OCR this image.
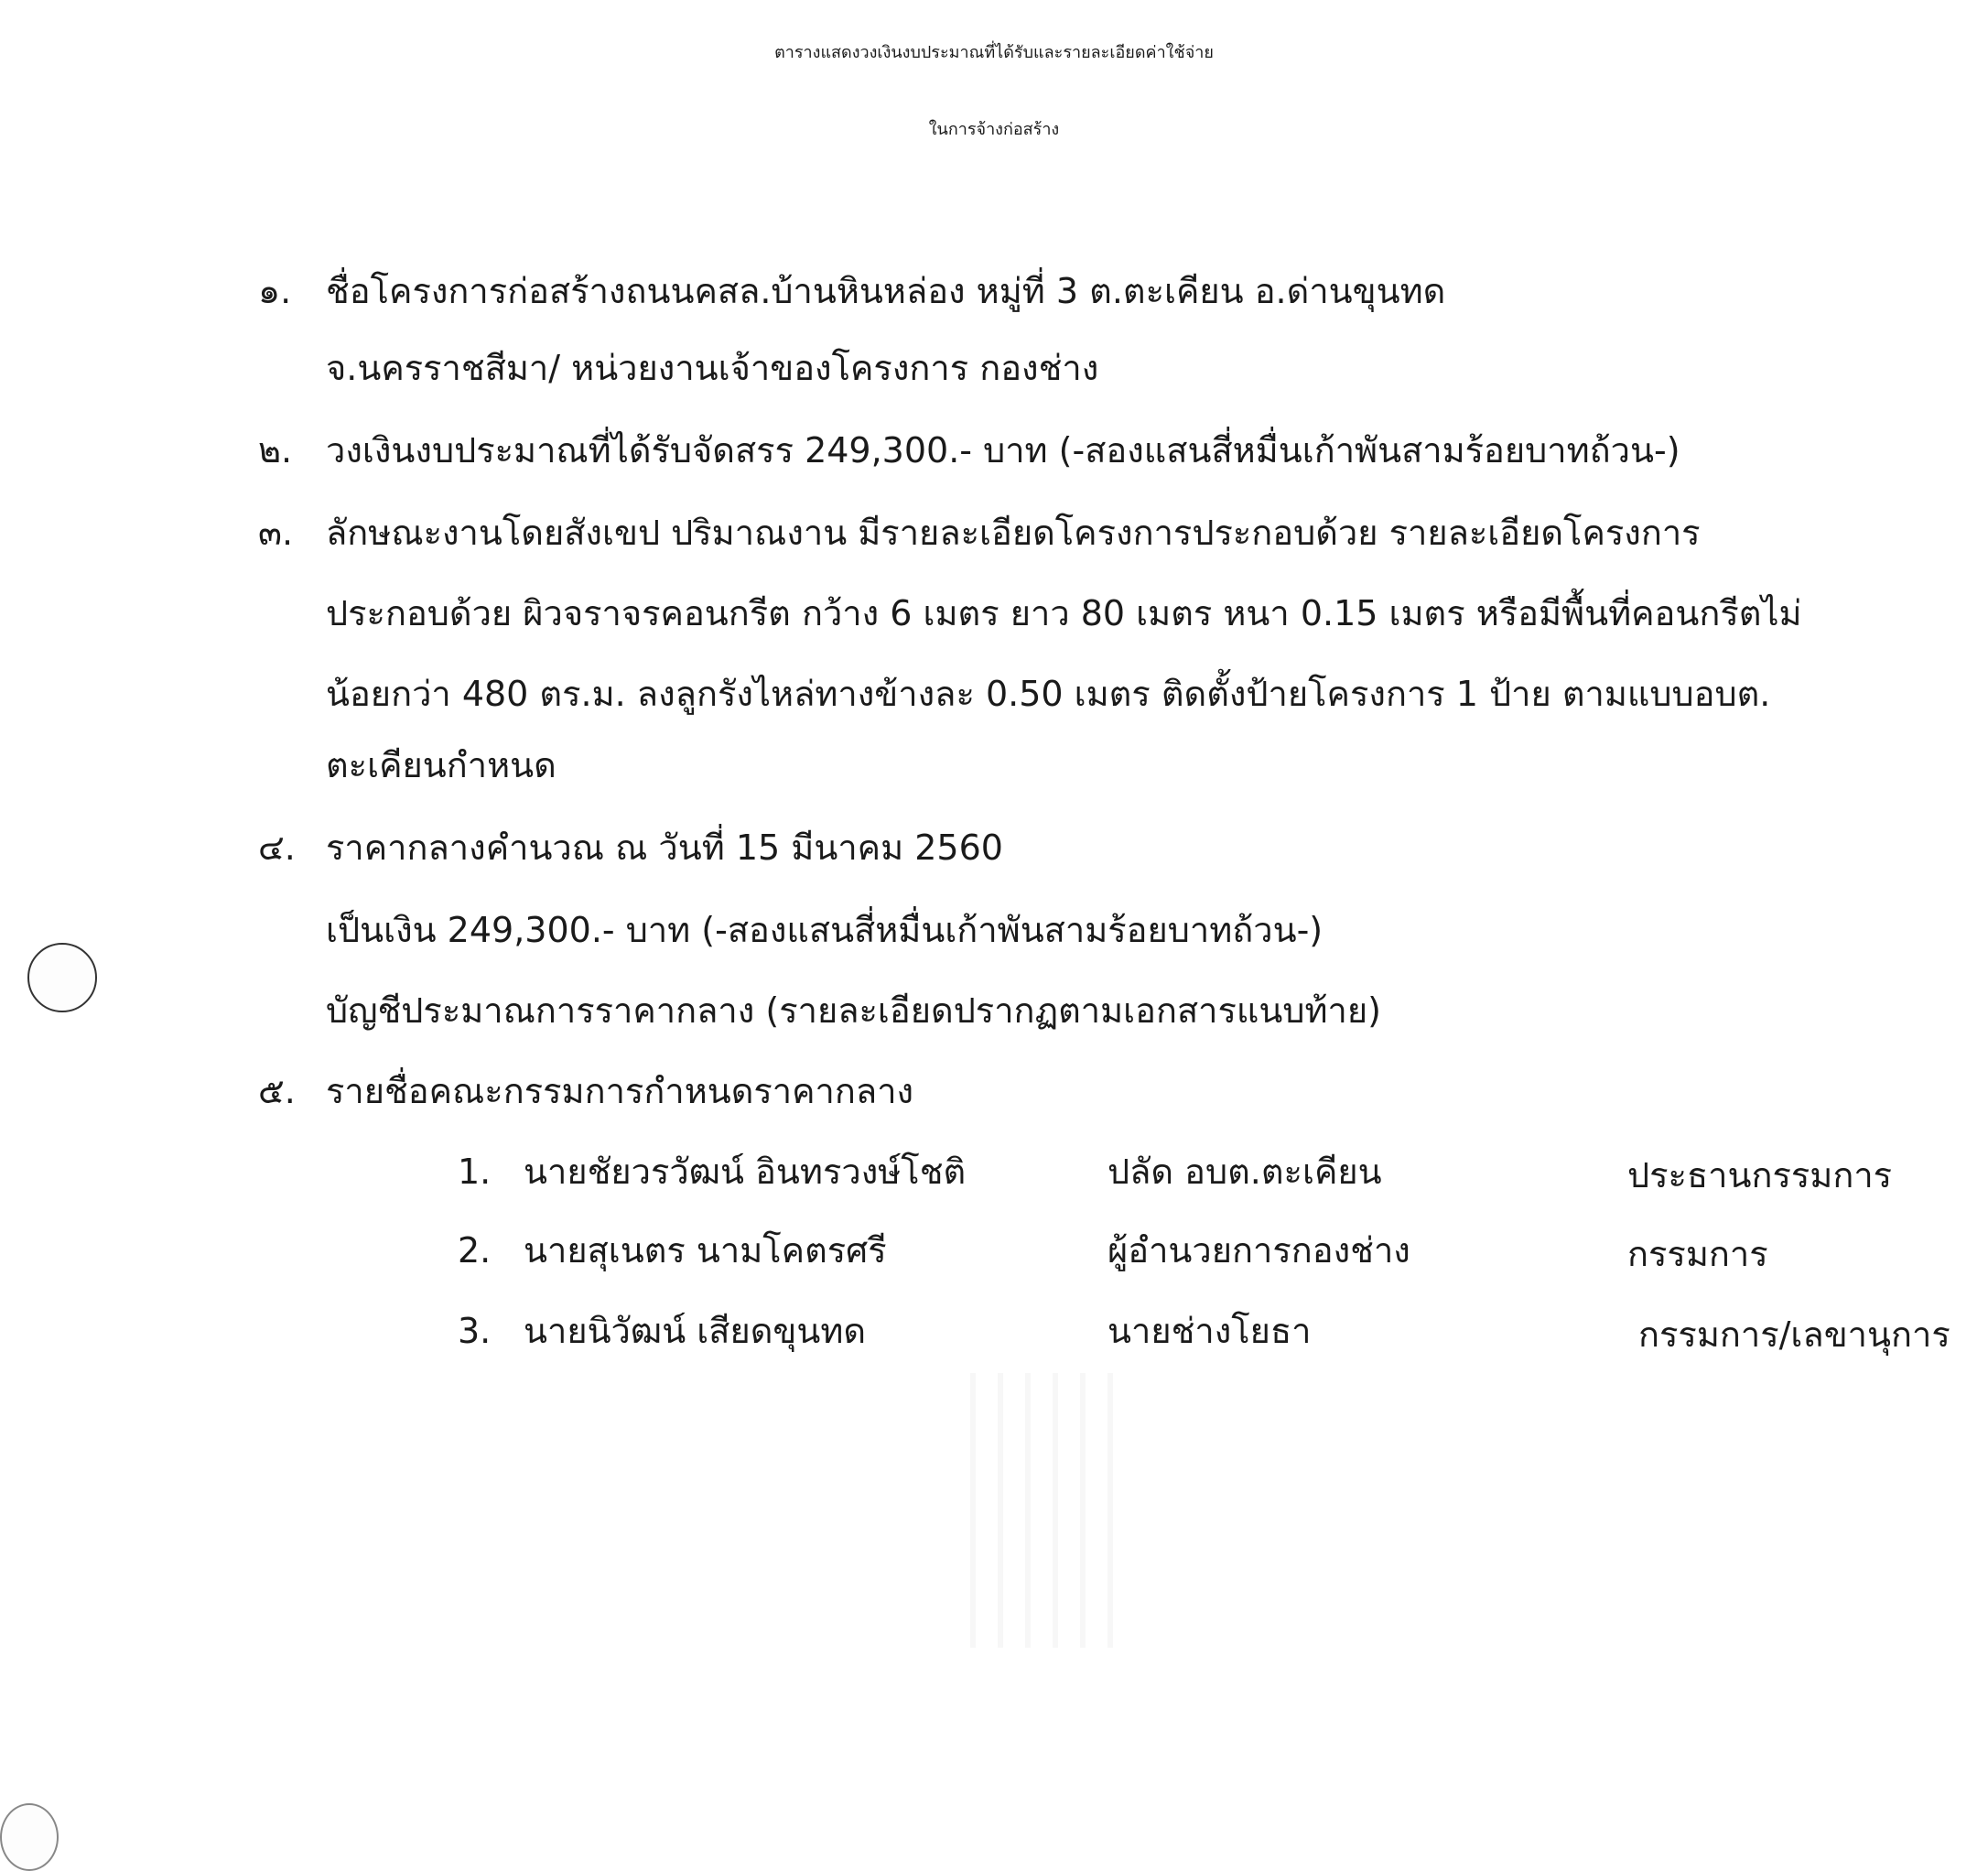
ตารางแสดงวงเงินงบประมาณที่ได้รับและรายละเอียดค่าใช้จ่าย
ในการจ้างก่อสร้าง
๑. ชื่อโครงการก่อสร้างถนนคสล.บ้านหินหล่อง หมู่ที่ 3 ต.ตะเคียน อ.ด่านขุนทด
จ.นครราชสีมา/ หน่วยงานเจ้าของโครงการ กองช่าง
๒. วงเงินงบประมาณที่ได้รับจัดสรร 249,300.- บาท (-สองแสนสี่หมื่นเก้าพันสามร้อยบาทถ้วน-)
๓. ลักษณะงานโดยสังเขป ปริมาณงาน มีรายละเอียดโครงการประกอบด้วย รายละเอียดโครงการ
ประกอบด้วย ผิวจราจรคอนกรีต กว้าง 6 เมตร ยาว 80 เมตร หนา 0.15 เมตร หรือมีพื้นที่คอนกรีตไม่
น้อยกว่า 480 ตร.ม. ลงลูกรังไหล่ทางข้างละ 0.50 เมตร ติดตั้งป้ายโครงการ 1 ป้าย ตามแบบอบต.
ตะเคียนกำหนด
๔. ราคากลางคำนวณ ณ วันที่ 15 มีนาคม 2560
เป็นเงิน 249,300.- บาท (-สองแสนสี่หมื่นเก้าพันสามร้อยบาทถ้วน-)
บัญชีประมาณการราคากลาง (รายละเอียดปรากฏตามเอกสารแนบท้าย)
๕. รายชื่อคณะกรรมการกำหนดราคากลาง
1. นายชัยวรวัฒน์ อินทรวงษ์โชติ	ปลัด อบต.ตะเคียน	ประธานกรรมการ
2. นายสุเนตร นามโคตรศรี	ผู้อำนวยการกองช่าง	กรรมการ
3. นายนิวัฒน์ เสียดขุนทด	นายช่างโยธา	กรรมการ/เลขานุการ
